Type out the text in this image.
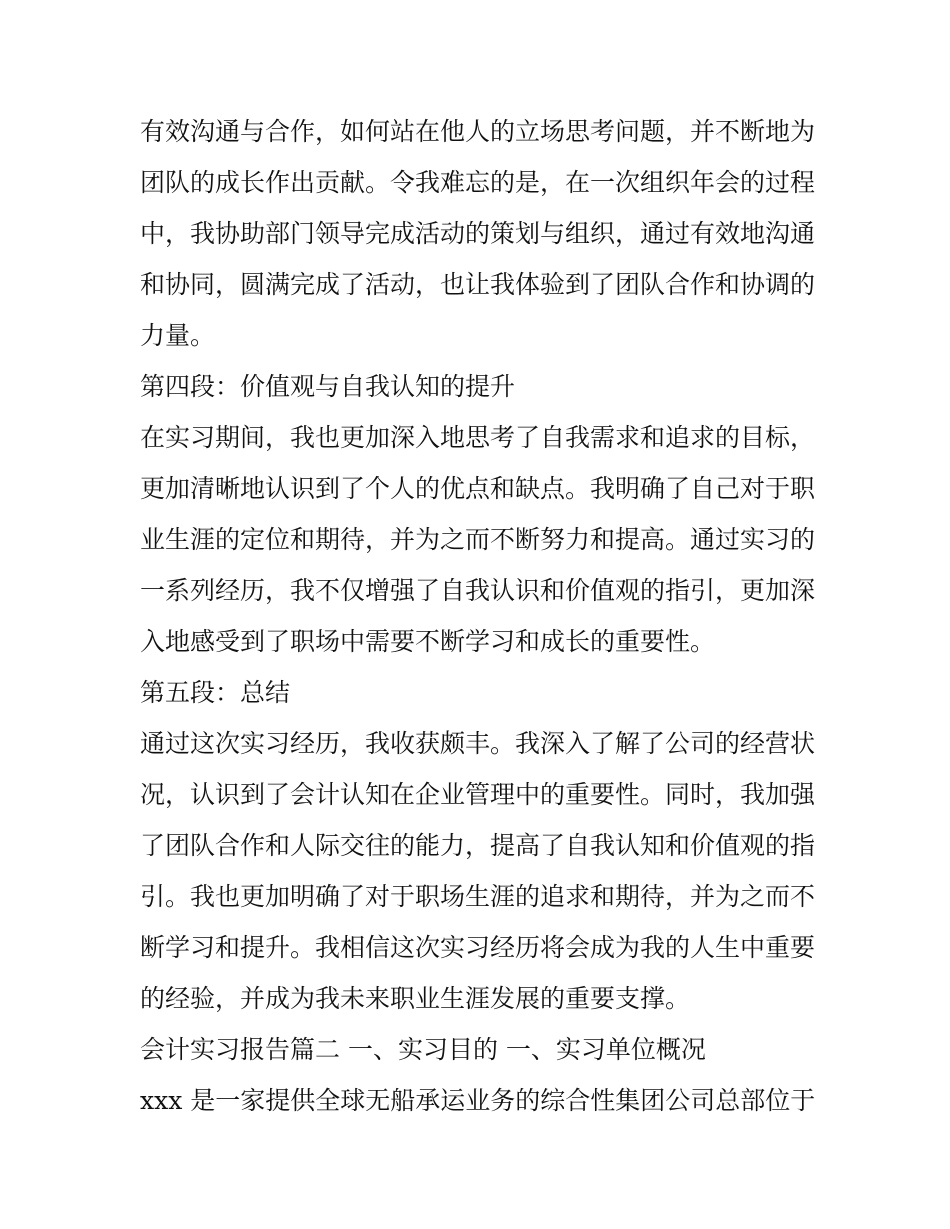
有效沟通与合作，如何站在他人的立场思考问题，并不断地为
团队的成长作出贡献。令我难忘的是，在一次组织年会的过程
中，我协助部门领导完成活动的策划与组织，通过有效地沟通
和协同，圆满完成了活动，也让我体验到了团队合作和协调的
力量。
第四段：价值观与自我认知的提升
在实习期间，我也更加深入地思考了自我需求和追求的目标，
更加清晰地认识到了个人的优点和缺点。我明确了自己对于职
业生涯的定位和期待，并为之而不断努力和提高。通过实习的
一系列经历，我不仅增强了自我认识和价值观的指引，更加深
入地感受到了职场中需要不断学习和成长的重要性。
第五段：总结
通过这次实习经历，我收获颇丰。我深入了解了公司的经营状
况，认识到了会计认知在企业管理中的重要性。同时，我加强
了团队合作和人际交往的能力，提高了自我认知和价值观的指
引。我也更加明确了对于职场生涯的追求和期待，并为之而不
断学习和提升。我相信这次实习经历将会成为我的人生中重要
的经验，并成为我未来职业生涯发展的重要支撑。
会计实习报告篇二 一、实习目的 一、实习单位概况
xxx 是一家提供全球无船承运业务的综合性集团公司总部位于
